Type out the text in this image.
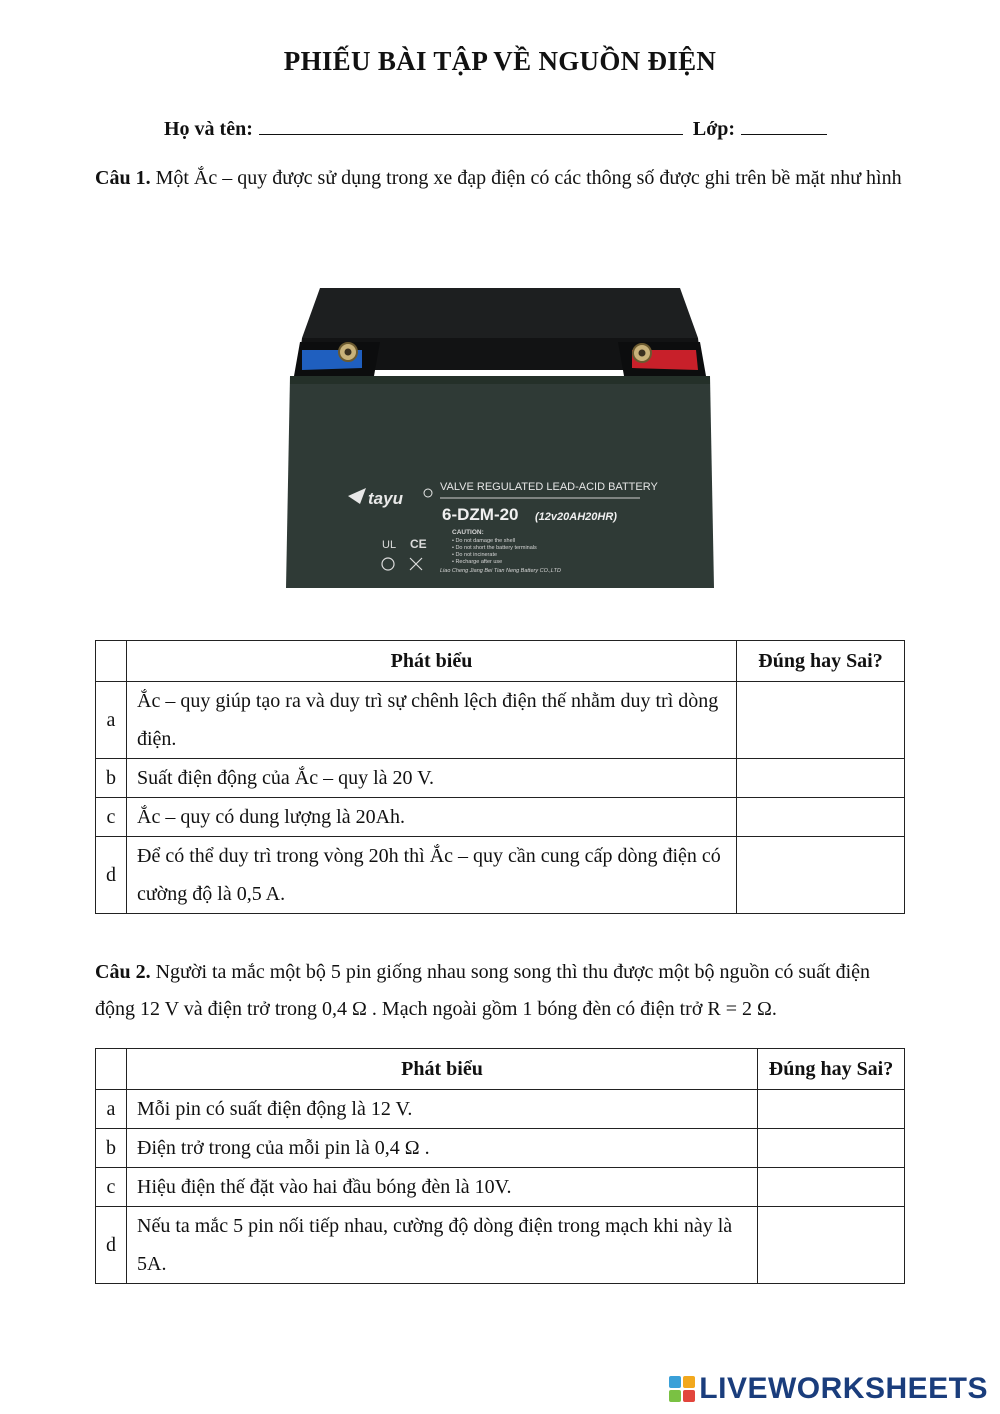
PHIẾU BÀI TẬP VỀ NGUỒN ĐIỆN
Họ và tên:	Lớp:
Câu 1. Một Ắc – quy được sử dụng trong xe đạp điện có các thông số được ghi trên bề mặt như hình
tayu
VALVE REGULATED LEAD-ACID BATTERY
6-DZM-20 (12v20AH20HR)
CAUTION:
• Do not damage the shell
• Do not short the battery terminals
• Do not incinerate
• Recharge after use
Liao Cheng Jiang Bei Tian Neng Battery CO.,LTD
UL CE
	Phát biểu	Đúng hay Sai?
a	Ắc – quy giúp tạo ra và duy trì sự chênh lệch điện thế nhằm duy trì dòng điện.	
b	Suất điện động của Ắc – quy là 20 V.	
c	Ắc – quy có dung lượng là 20Ah.	
d	Để có thể duy trì trong vòng 20h thì Ắc – quy cần cung cấp dòng điện có cường độ là 0,5 A.	
Câu 2. Người ta mắc một bộ 5 pin giống nhau song song thì thu được một bộ nguồn có suất điện động 12 V và điện trở trong 0,4 Ω . Mạch ngoài gồm 1 bóng đèn có điện trở R = 2 Ω.
	Phát biểu	Đúng hay Sai?
a	Mỗi pin có suất điện động là 12 V.	
b	Điện trở trong của mỗi pin là 0,4 Ω .	
c	Hiệu điện thế đặt vào hai đầu bóng đèn là 10V.	
d	Nếu ta mắc 5 pin nối tiếp nhau, cường độ dòng điện trong mạch khi này là 5A.	
LIVEWORKSHEETS
